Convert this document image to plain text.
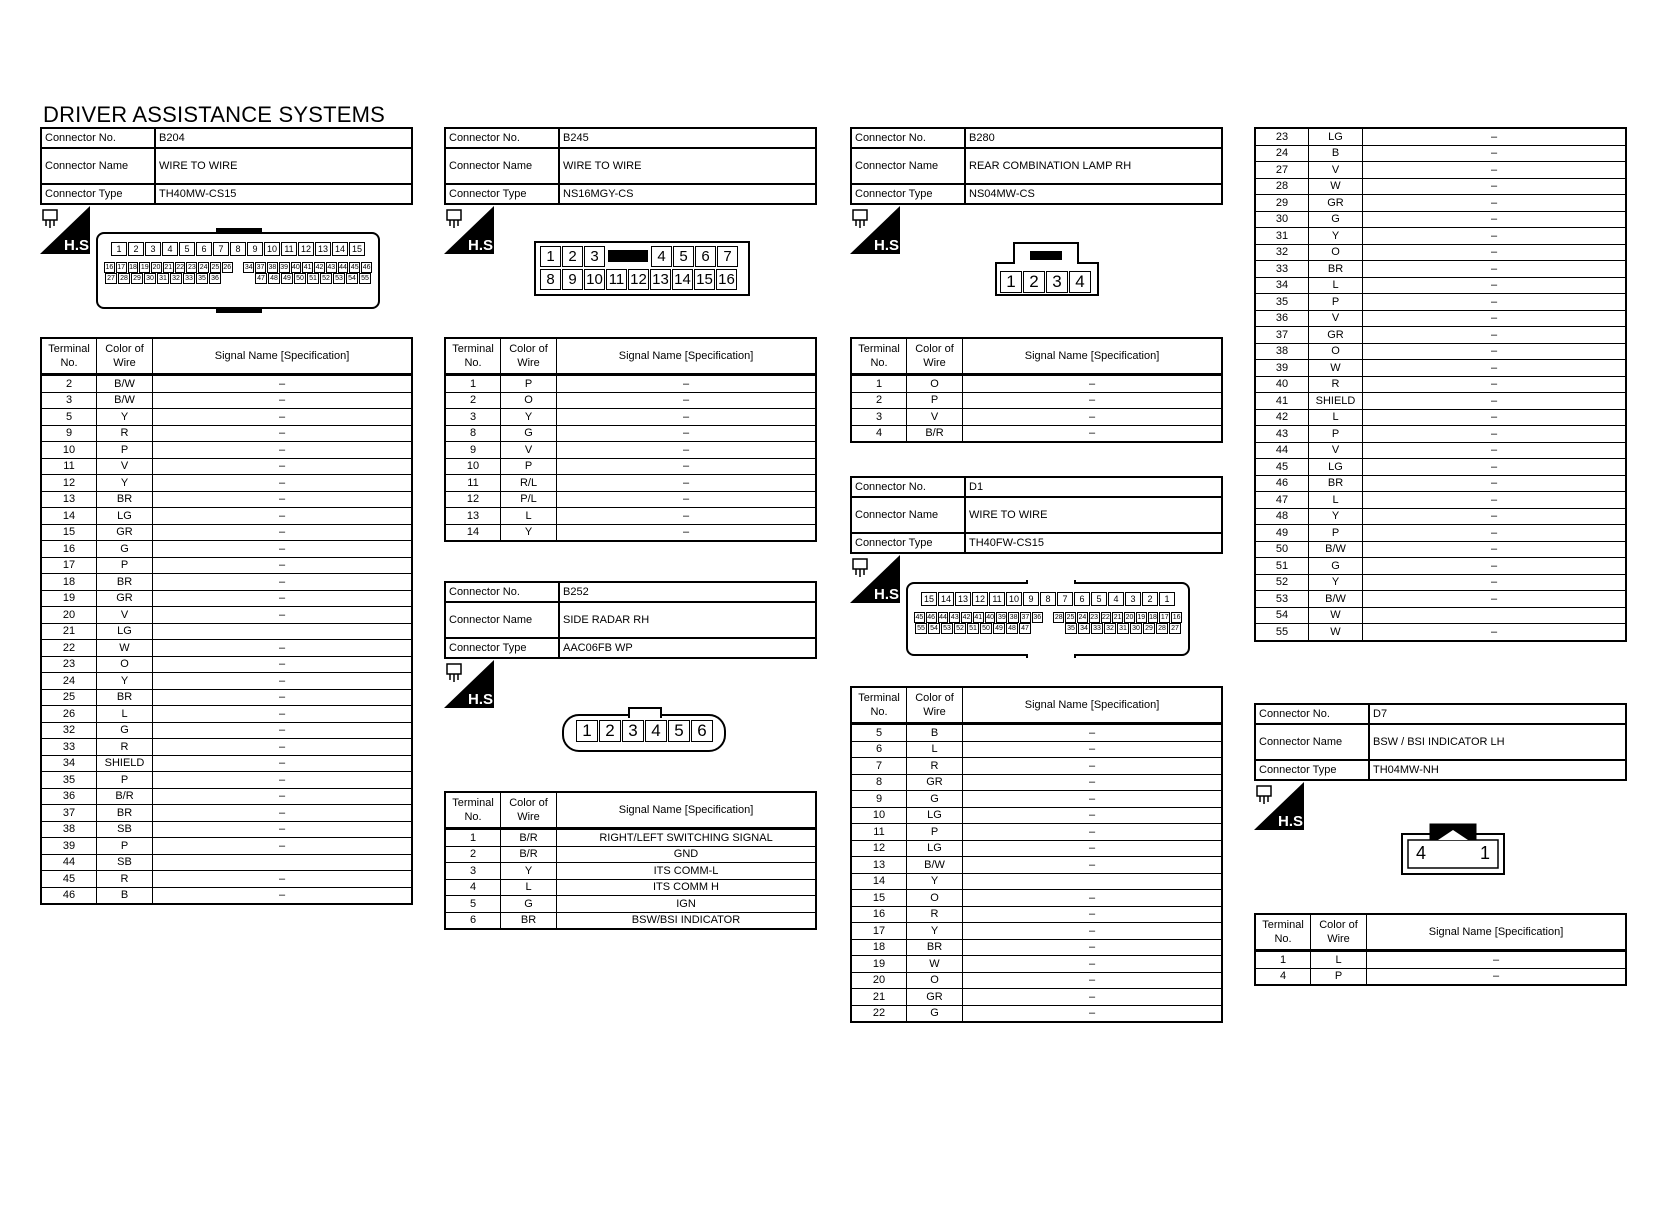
DRIVER ASSISTANCE SYSTEMS
Connector No.	B204
Connector Name	WIRE TO WIRE
Connector Type	TH40MW-CS15
H.S.	1	2	3	4	5	6	7	8	9	10 11 12 13 14 15
16 17 18 19 20 21 22 23 24 25 26 34 37 38 39 40 41 42 43 44 45 46
27 28 29 30 31 32 33 35 36	47 48 49 50 51 52 53 54 55
Terminal No.	Color of Wire	Signal Name [Specification]
2	B/W	–
3	B/W	–
5	Y	–
9	R	–
10	P	–
11	V	–
12	Y	–
13	BR	–
14	LG	–
15	GR	–
16	G	–
17	P	–
18	BR	–
19	GR	–
20	V	–
21	LG	
22	W	–
23	O	–
24	Y	–
25	BR	–
26	L	–
32	G	–
33	R	–
34	SHIELD	–
35	P	–
36	B/R	–
37	BR	–
38	SB	–
39	P	–
44	SB	
45	R	–
46	B	–
Connector No.	B245
Connector Name	WIRE TO WIRE
Connector Type	NS16MGY-CS
H.S.
1 2 3	4 5 6 7
8 9 10 11 12 13 14 15 16
Terminal No.	Color of Wire	Signal Name [Specification]
1	P	–
2	O	–
3	Y	–
8	G	–
9	V	–
10	P	–
11	R/L	–
12	P/L	–
13	L	–
14	Y	–
Connector No.	B252
Connector Name	SIDE RADAR RH
Connector Type	AAC06FB WP
H.S.
1 2 3 4 5 6
Terminal No.	Color of Wire	Signal Name [Specification]
1	B/R	RIGHT/LEFT SWITCHING SIGNAL
2	B/R	GND
3	Y	ITS COMM-L
4	L	ITS COMM H
5	G	IGN
6	BR	BSW/BSI INDICATOR
Connector No.	B280
Connector Name	REAR COMBINATION LAMP RH
Connector Type	NS04MW-CS
H.S.
1 2 3 4
Terminal No.	Color of Wire	Signal Name [Specification]
1	O	–
2	P	–
3	V	–
4	B/R	–
Connector No.	D1
Connector Name	WIRE TO WIRE
Connector Type	TH40FW-CS15
H.S.	15 14 13 12 11 10	9	8	7	6	5	4	3	2	1
45 46 44 43 42 41 40 39 38 37 36 28 25 24 23 22 21 20 19 18 17 16
55 54 53 52 51 50 49 48 47	35 34 33 32 31 30 29 28 27
Terminal No.	Color of Wire	Signal Name [Specification]
5	B	–
6	L	–
7	R	–
8	GR	–
9	G	–
10	LG	–
11	P	–
12	LG	–
13	B/W	–
14	Y	
15	O	–
16	R	–
17	Y	–
18	BR	–
19	W	–
20	O	–
21	GR	–
22	G	–
23	LG	–
24	B	–
27	V	–
28	W	–
29	GR	–
30	G	–
31	Y	–
32	O	–
33	BR	–
34	L	–
35	P	–
36	V	–
37	GR	–
38	O	–
39	W	–
40	R	–
41	SHIELD	–
42	L	–
43	P	–
44	V	–
45	LG	–
46	BR	–
47	L	–
48	Y	–
49	P	–
50	B/W	–
51	G	–
52	Y	–
53	B/W	–
54	W	
55	W	–
Connector No.	D7
Connector Name	BSW / BSI INDICATOR LH
Connector Type	TH04MW-NH
H.S.
4	1
Terminal No.	Color of Wire	Signal Name [Specification]
1	L	–
4	P	–
